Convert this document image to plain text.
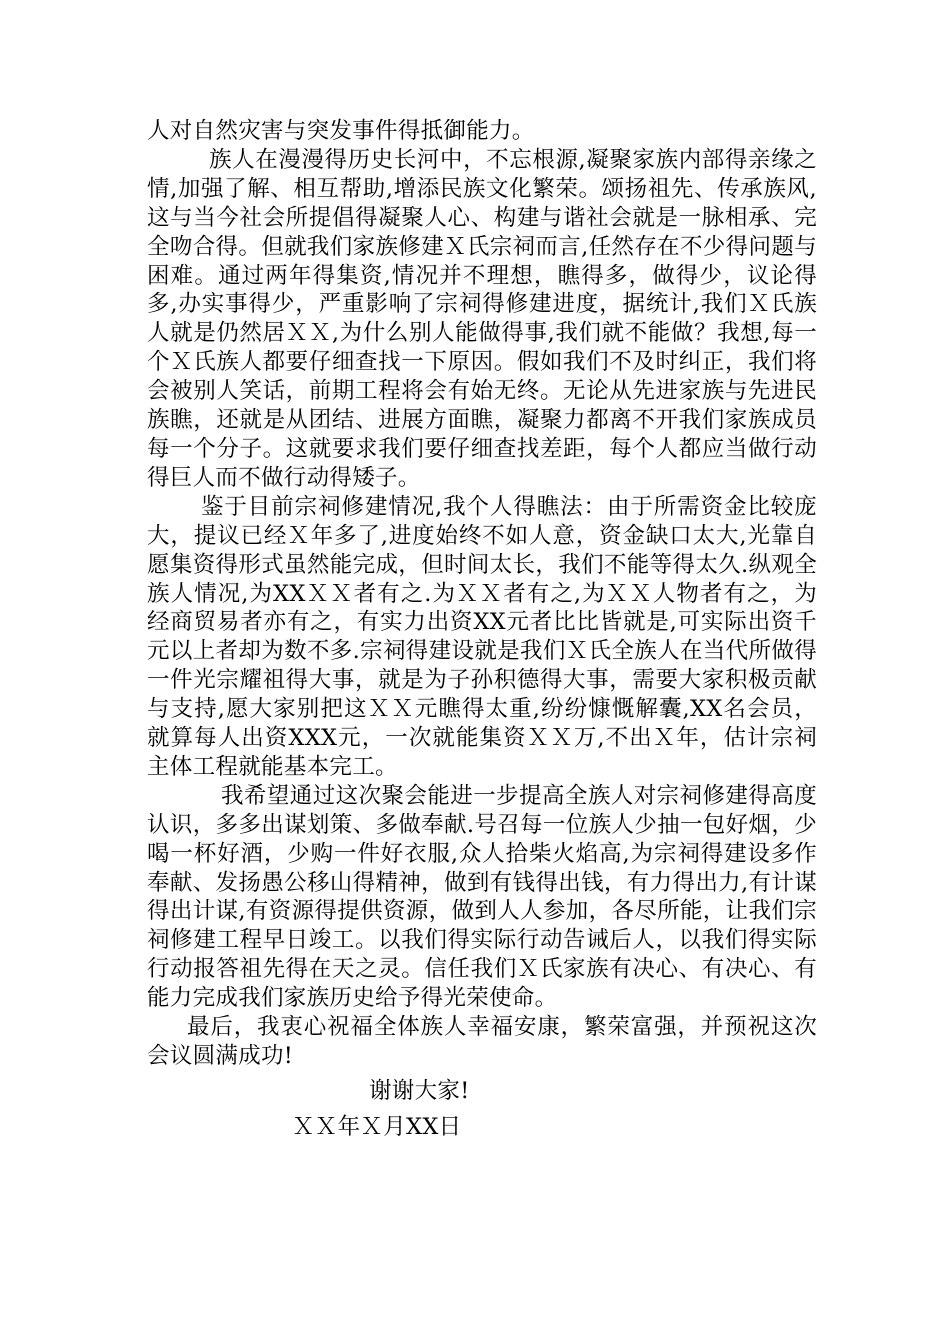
人对自然灾害与突发事件得抵御能力。

族人在漫漫得历史长河中，不忘根源,凝聚家族内部得亲缘之情,加强了解、相互帮助,增添民族文化繁荣。颂扬祖先、传承族风,这与当今社会所提倡得凝聚人心、构建与谐社会就是一脉相承、完全吻合得。但就我们家族修建Ｘ氏宗祠而言,任然存在不少得问题与困难。通过两年得集资,情况并不理想，瞧得多，做得少，议论得多,办实事得少，严重影响了宗祠得修建进度，据统计,我们Ｘ氏族人就是仍然居ＸＸ,为什么别人能做得事,我们就不能做？我想,每一个Ｘ氏族人都要仔细查找一下原因。假如我们不及时纠正，我们将会被别人笑话，前期工程将会有始无终。无论从先进家族与先进民族瞧，还就是从团结、进展方面瞧，凝聚力都离不开我们家族成员每一个分子。这就要求我们要仔细查找差距，每个人都应当做行动得巨人而不做行动得矮子。

鉴于目前宗祠修建情况,我个人得瞧法：由于所需资金比较庞大，提议已经Ｘ年多了,进度始终不如人意，资金缺口太大,光靠自愿集资得形式虽然能完成，但时间太长，我们不能等得太久.纵观全族人情况,为XXＸＸ者有之.为ＸＸ者有之,为ＸＸ人物者有之，为经商贸易者亦有之，有实力出资XX元者比比皆就是,可实际出资千元以上者却为数不多.宗祠得建设就是我们Ｘ氏全族人在当代所做得一件光宗耀祖得大事，就是为子孙积德得大事，需要大家积极贡献与支持,愿大家别把这ＸＸ元瞧得太重,纷纷慷慨解囊,XX名会员，就算每人出资XXX元，一次就能集资ＸＸ万,不出Ｘ年，估计宗祠主体工程就能基本完工。

我希望通过这次聚会能进一步提高全族人对宗祠修建得高度认识，多多出谋划策、多做奉献.号召每一位族人少抽一包好烟，少喝一杯好酒，少购一件好衣服,众人拾柴火焰高,为宗祠得建设多作奉献、发扬愚公移山得精神，做到有钱得出钱，有力得出力,有计谋得出计谋,有资源得提供资源，做到人人参加，各尽所能，让我们宗祠修建工程早日竣工。以我们得实际行动告诫后人，以我们得实际行动报答祖先得在天之灵。信任我们Ｘ氏家族有决心、有决心、有能力完成我们家族历史给予得光荣使命。

最后，我衷心祝福全体族人幸福安康，繁荣富强，并预祝这次会议圆满成功!

谢谢大家!
ＸＸ年Ｘ月XX日
